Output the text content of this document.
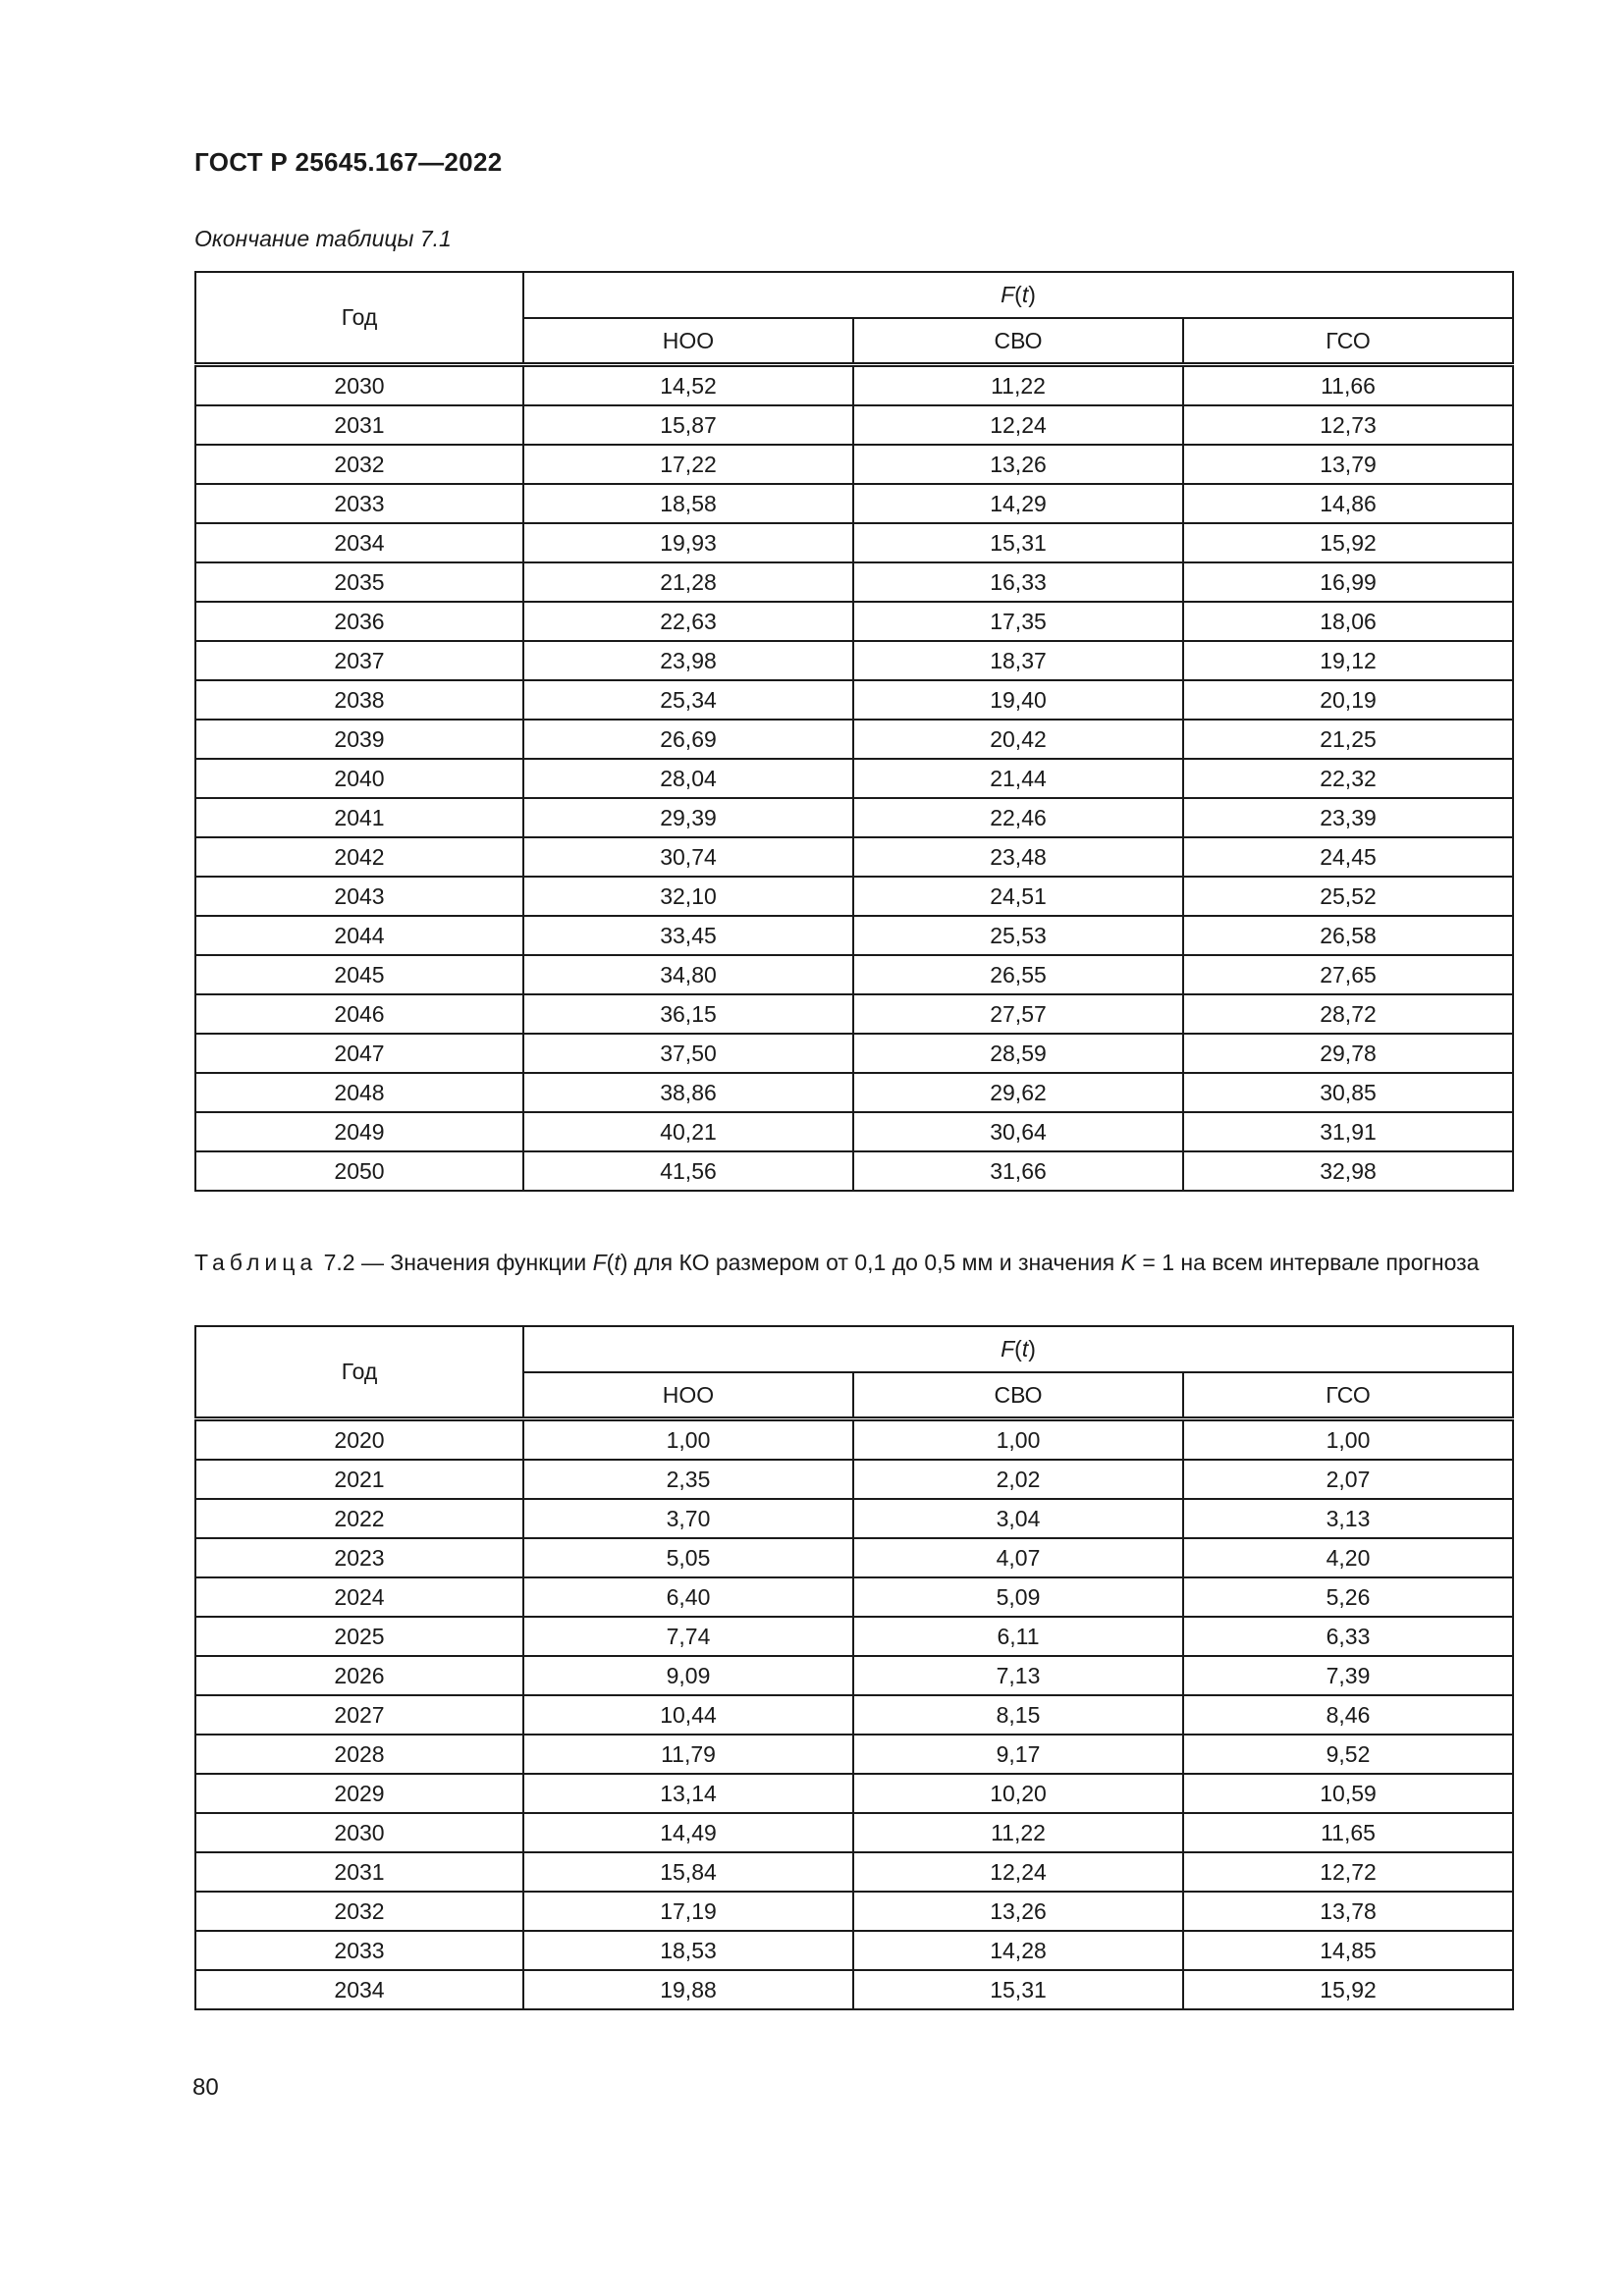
ГОСТ Р 25645.167—2022
Окончание таблицы 7.1
Год	F(t)		
	НОО	СВО	ГСО
2030	14,52	11,22	11,66
2031	15,87	12,24	12,73
2032	17,22	13,26	13,79
2033	18,58	14,29	14,86
2034	19,93	15,31	15,92
2035	21,28	16,33	16,99
2036	22,63	17,35	18,06
2037	23,98	18,37	19,12
2038	25,34	19,40	20,19
2039	26,69	20,42	21,25
2040	28,04	21,44	22,32
2041	29,39	22,46	23,39
2042	30,74	23,48	24,45
2043	32,10	24,51	25,52
2044	33,45	25,53	26,58
2045	34,80	26,55	27,65
2046	36,15	27,57	28,72
2047	37,50	28,59	29,78
2048	38,86	29,62	30,85
2049	40,21	30,64	31,91
2050	41,56	31,66	32,98
Таблица 7.2 — Значения функции F(t) для КО размером от 0,1 до 0,5 мм и значения K = 1 на всем интервале прогноза
Год	F(t)		
	НОО	СВО	ГСО
2020	1,00	1,00	1,00
2021	2,35	2,02	2,07
2022	3,70	3,04	3,13
2023	5,05	4,07	4,20
2024	6,40	5,09	5,26
2025	7,74	6,11	6,33
2026	9,09	7,13	7,39
2027	10,44	8,15	8,46
2028	11,79	9,17	9,52
2029	13,14	10,20	10,59
2030	14,49	11,22	11,65
2031	15,84	12,24	12,72
2032	17,19	13,26	13,78
2033	18,53	14,28	14,85
2034	19,88	15,31	15,92
80
